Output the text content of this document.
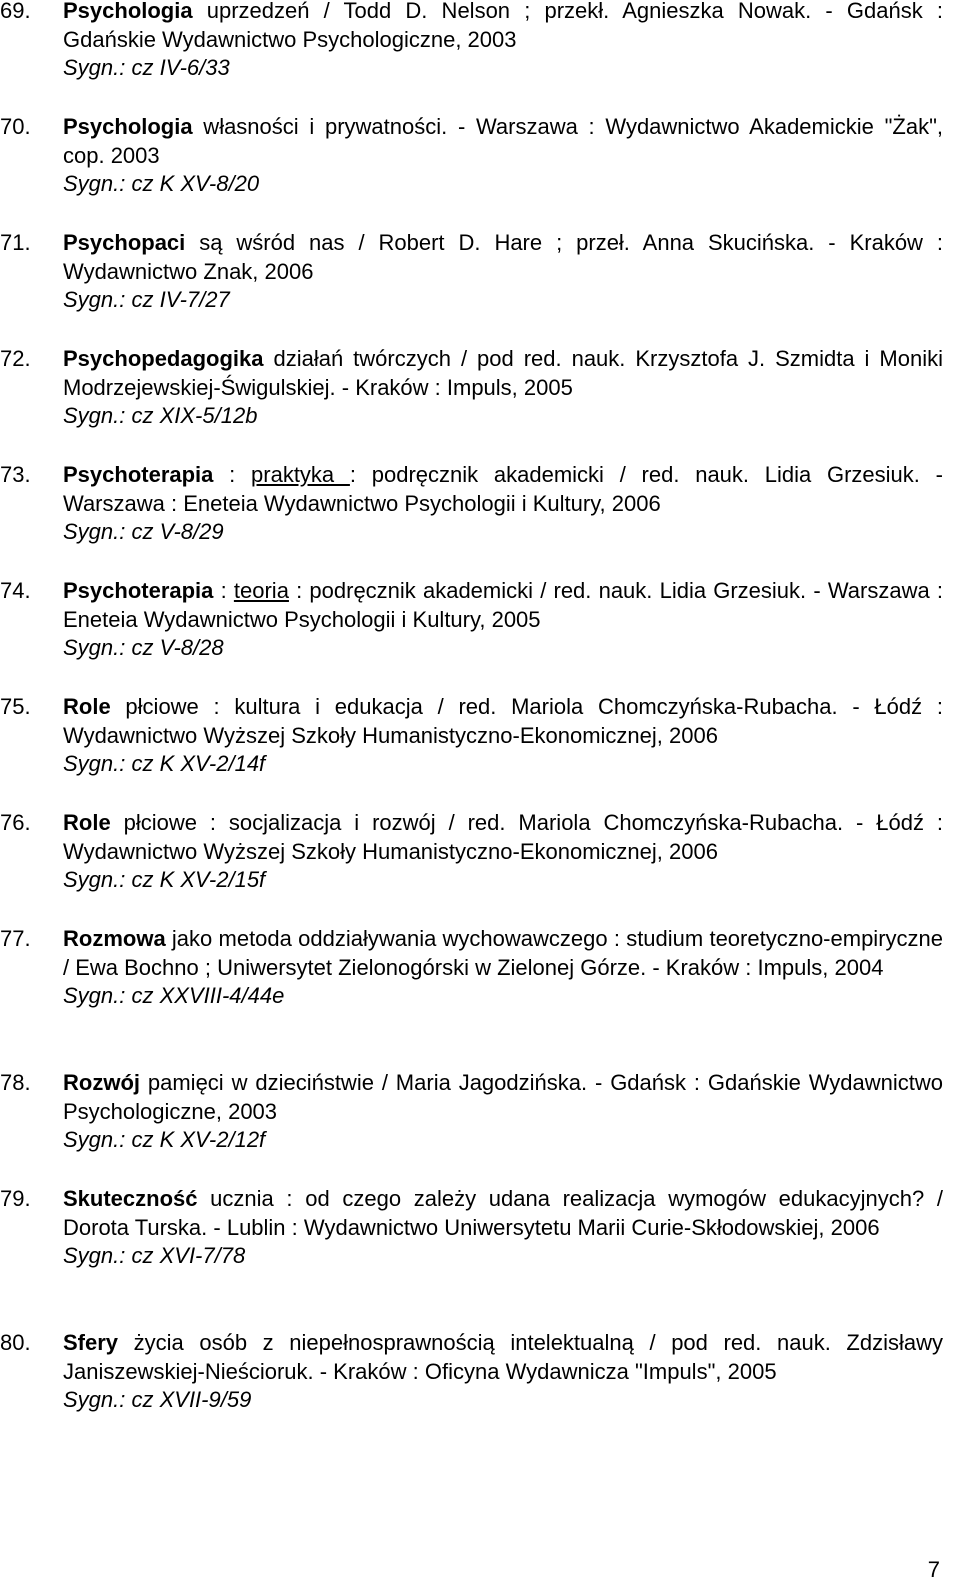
69. Psychologia uprzedzeń / Todd D. Nelson ; przekł. Agnieszka Nowak. - Gdańsk : Gdańskie Wydawnictwo Psychologiczne, 2003
Sygn.: cz IV-6/33
70. Psychologia własności i prywatności. - Warszawa : Wydawnictwo Akademickie "Żak", cop. 2003
Sygn.: cz K XV-8/20
71. Psychopaci są wśród nas / Robert D. Hare ; przeł. Anna Skucińska. - Kraków : Wydawnictwo Znak, 2006
Sygn.: cz IV-7/27
72. Psychopedagogika działań twórczych / pod red. nauk. Krzysztofa J. Szmidta i Moniki Modrzejewskiej-Świgulskiej. - Kraków : Impuls, 2005
Sygn.: cz XIX-5/12b
73. Psychoterapia : praktyka : podręcznik akademicki / red. nauk. Lidia Grzesiuk. - Warszawa : Eneteia Wydawnictwo Psychologii i Kultury, 2006
Sygn.: cz V-8/29
74. Psychoterapia : teoria : podręcznik akademicki / red. nauk. Lidia Grzesiuk. - Warszawa : Eneteia Wydawnictwo Psychologii i Kultury, 2005
Sygn.: cz V-8/28
75. Role płciowe : kultura i edukacja / red. Mariola Chomczyńska-Rubacha. - Łódź : Wydawnictwo Wyższej Szkoły Humanistyczno-Ekonomicznej, 2006
Sygn.: cz K XV-2/14f
76. Role płciowe : socjalizacja i rozwój / red. Mariola Chomczyńska-Rubacha. - Łódź : Wydawnictwo Wyższej Szkoły Humanistyczno-Ekonomicznej, 2006
Sygn.: cz K XV-2/15f
77. Rozmowa jako metoda oddziaływania wychowawczego : studium teoretyczno-empiryczne / Ewa Bochno ; Uniwersytet Zielonogórski w Zielonej Górze. - Kraków : Impuls, 2004
Sygn.: cz XXVIII-4/44e
78. Rozwój pamięci w dzieciństwie / Maria Jagodzińska. - Gdańsk : Gdańskie Wydawnictwo Psychologiczne, 2003
Sygn.: cz K XV-2/12f
79. Skuteczność ucznia : od czego zależy udana realizacja wymogów edukacyjnych? / Dorota Turska. - Lublin : Wydawnictwo Uniwersytetu Marii Curie-Skłodowskiej, 2006
Sygn.: cz XVI-7/78
80. Sfery życia osób z niepełnosprawnością intelektualną / pod red. nauk. Zdzisławy Janiszewskiej-Nieścioruk. - Kraków : Oficyna Wydawnicza "Impuls", 2005
Sygn.: cz XVII-9/59
7
